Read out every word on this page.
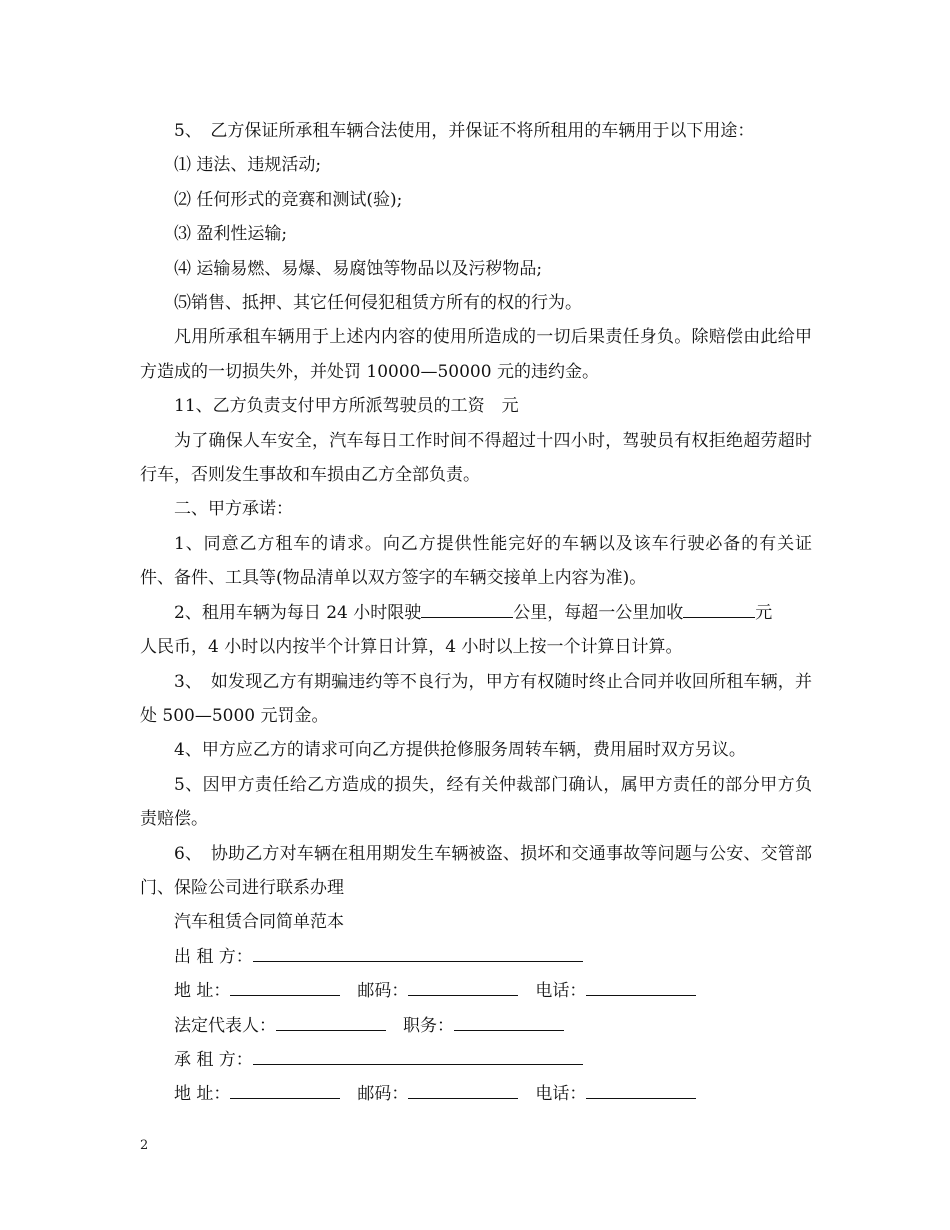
5、　乙方保证所承租车辆合法使用，并保证不将所租用的车辆用于以下用途：

⑴ 违法、违规活动;

⑵ 任何形式的竞赛和测试(验);

⑶ 盈利性运输;

⑷ 运输易燃、易爆、易腐蚀等物品以及污秽物品;

⑸销售、抵押、其它任何侵犯租赁方所有的权的行为。

凡用所承租车辆用于上述内内容的使用所造成的一切后果责任身负。除赔偿由此给甲方造成的一切损失外，并处罚 10000—50000 元的违约金。

11、乙方负责支付甲方所派驾驶员的工资　元

为了确保人车安全，汽车每日工作时间不得超过十四小时，驾驶员有权拒绝超劳超时行车，否则发生事故和车损由乙方全部负责。

二、甲方承诺：

1、同意乙方租车的请求。向乙方提供性能完好的车辆以及该车行驶必备的有关证件、备件、工具等(物品清单以双方签字的车辆交接单上内容为准)。

2、租用车辆为每日 24 小时限驶	公里，每超一公里加收	元

人民币，4 小时以内按半个计算日计算，4 小时以上按一个计算日计算。

3、　如发现乙方有期骗违约等不良行为，甲方有权随时终止合同并收回所租车辆，并处 500—5000 元罚金。

4、甲方应乙方的请求可向乙方提供抢修服务周转车辆，费用届时双方另议。

5、因甲方责任给乙方造成的损失，经有关仲裁部门确认，属甲方责任的部分甲方负责赔偿。

6、　协助乙方对车辆在租用期发生车辆被盗、损坏和交通事故等问题与公安、交管部门、保险公司进行联系办理

汽车租赁合同简单范本

出 租 方：

地 址：　	邮码：　	电话：

法定代表人：　	职务：

承 租 方：

地 址：　	邮码：　	电话：

2
